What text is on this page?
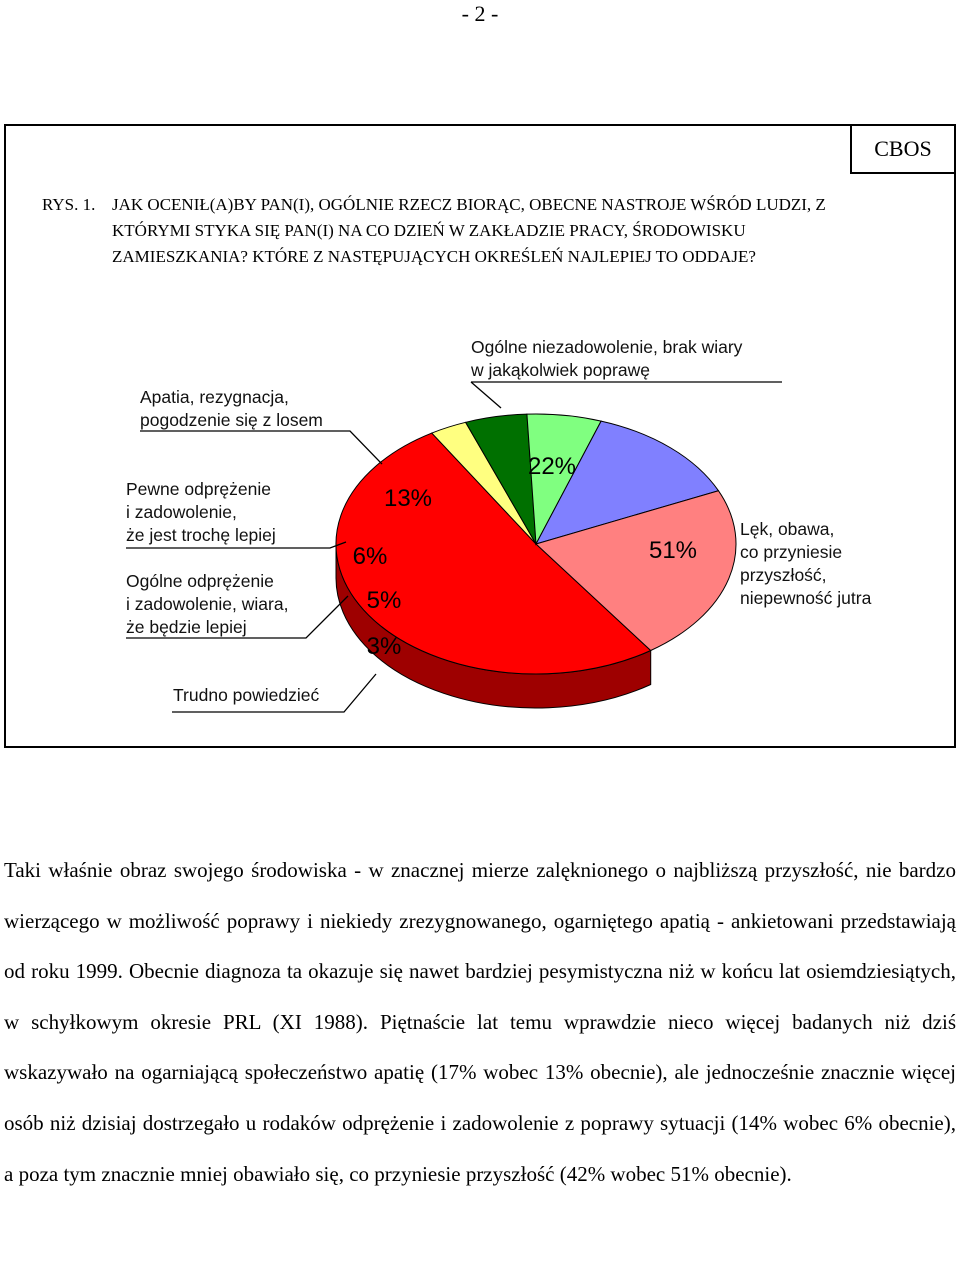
- 2 -
CBOS
RYS. 1. JAK OCENIŁ(A)BY PAN(I), OGÓLNIE RZECZ BIORĄC, OBECNE NASTROJE WŚRÓD LUDZI, Z KTÓRYMI STYKA SIĘ PAN(I) NA CO DZIEŃ W ZAKŁADZIE PRACY, ŚRODOWISKU ZAMIESZKANIA? KTÓRE Z NASTĘPUJĄCYCH OKREŚLEŃ NAJLEPIEJ TO ODDAJE?
51%
3%
5%
6%
13%
22%
Ogólne niezadowolenie, brak wiary
w jakąkolwiek poprawę
Apatia, rezygnacja,
pogodzenie się z losem
Pewne odprężenie
i zadowolenie,
że jest trochę lepiej
Ogólne odprężenie
i zadowolenie, wiara,
że będzie lepiej
Lęk, obawa,
co przyniesie
przyszłość,
niepewność jutra
Trudno powiedzieć

Taki właśnie obraz swojego środowiska - w znacznej mierze zalęknionego o najbliższą przyszłość, nie bardzo wierzącego w możliwość poprawy i niekiedy zrezygnowanego, ogarniętego apatią - ankietowani przedstawiają od roku 1999. Obecnie diagnoza ta okazuje się nawet bardziej pesymistyczna niż w końcu lat osiemdziesiątych, w schyłkowym okresie PRL (XI 1988). Piętnaście lat temu wprawdzie nieco więcej badanych niż dziś wskazywało na ogarniającą społeczeństwo apatię (17% wobec 13% obecnie), ale jednocześnie znacznie więcej osób niż dzisiaj dostrzegało u rodaków odprężenie i zadowolenie z poprawy sytuacji (14% wobec 6% obecnie), a poza tym znacznie mniej obawiało się, co przyniesie przyszłość (42% wobec 51% obecnie).
